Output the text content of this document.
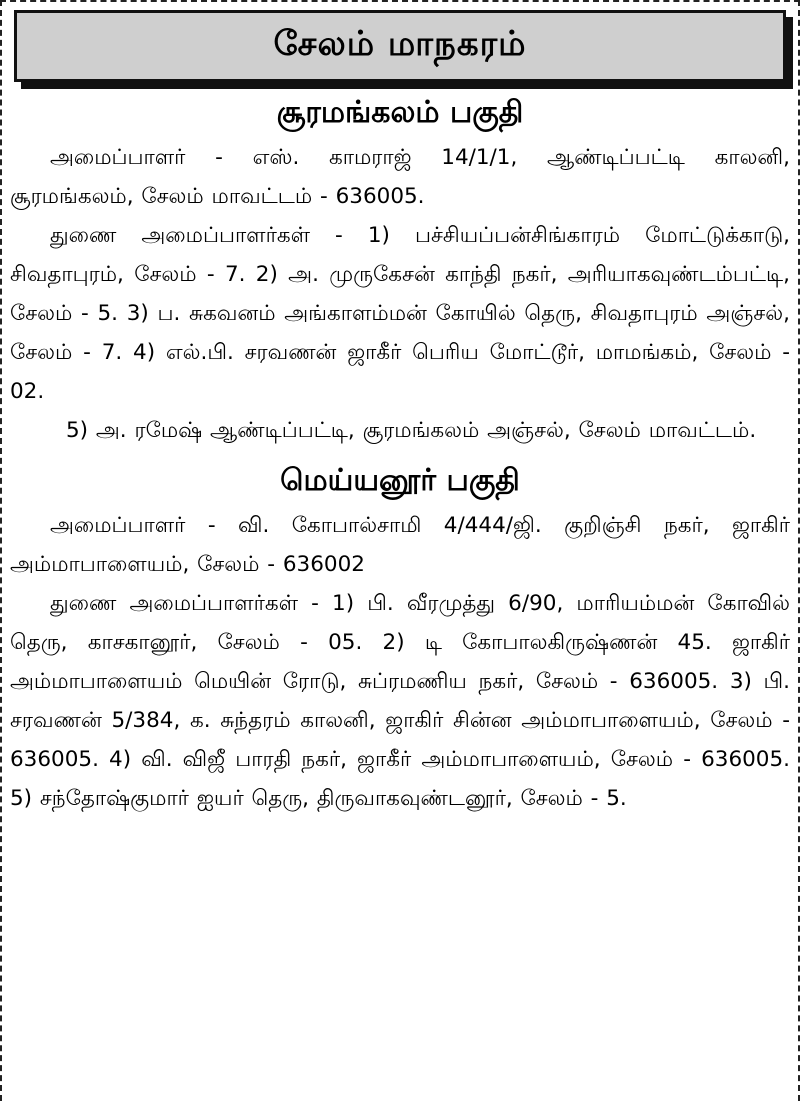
சேலம் மாநகரம்
சூரமங்கலம் பகுதி

அமைப்பாளர் - எஸ். காமராஜ் 14/1/1, ஆண்டிப்பட்டி காலனி, சூரமங்கலம், சேலம் மாவட்டம் - 636005.

துணை அமைப்பாளர்கள் - 1) பச்சியப்பன்சிங்காரம் மோட்டுக்காடு, சிவதாபுரம், சேலம் - 7. 2) அ. முருகேசன் காந்தி நகர், அரியாகவுண்டம்பட்டி, சேலம் - 5. 3) ப. சுகவனம் அங்காளம்மன் கோயில் தெரு, சிவதாபுரம் அஞ்சல், சேலம் - 7. 4) எல்.பி. சரவணன் ஜாகீர் பெரிய மோட்டூர், மாமங்கம், சேலம் - 02.

5) அ. ரமேஷ் ஆண்டிப்பட்டி, சூரமங்கலம் அஞ்சல், சேலம் மாவட்டம்.

மெய்யனூர் பகுதி

அமைப்பாளர் - வி. கோபால்சாமி 4/444/ஜி. குறிஞ்சி நகர், ஜாகிர் அம்மாபாளையம், சேலம் - 636002

துணை அமைப்பாளர்கள் - 1) பி. வீரமுத்து 6/90, மாரியம்மன் கோவில் தெரு, காசகானூர், சேலம் - 05. 2) டி கோபாலகிருஷ்ணன் 45. ஜாகிர் அம்மாபாளையம் மெயின் ரோடு, சுப்ரமணிய நகர், சேலம் - 636005. 3) பி. சரவணன் 5/384, க. சுந்தரம் காலனி, ஜாகிர் சின்ன அம்மாபாளையம், சேலம் - 636005. 4) வி. விஜீ பாரதி நகர், ஜாகீர் அம்மாபாளையம், சேலம் - 636005. 5) சந்தோஷ்குமார் ஐயர் தெரு, திருவாகவுண்டனூர், சேலம் - 5.
